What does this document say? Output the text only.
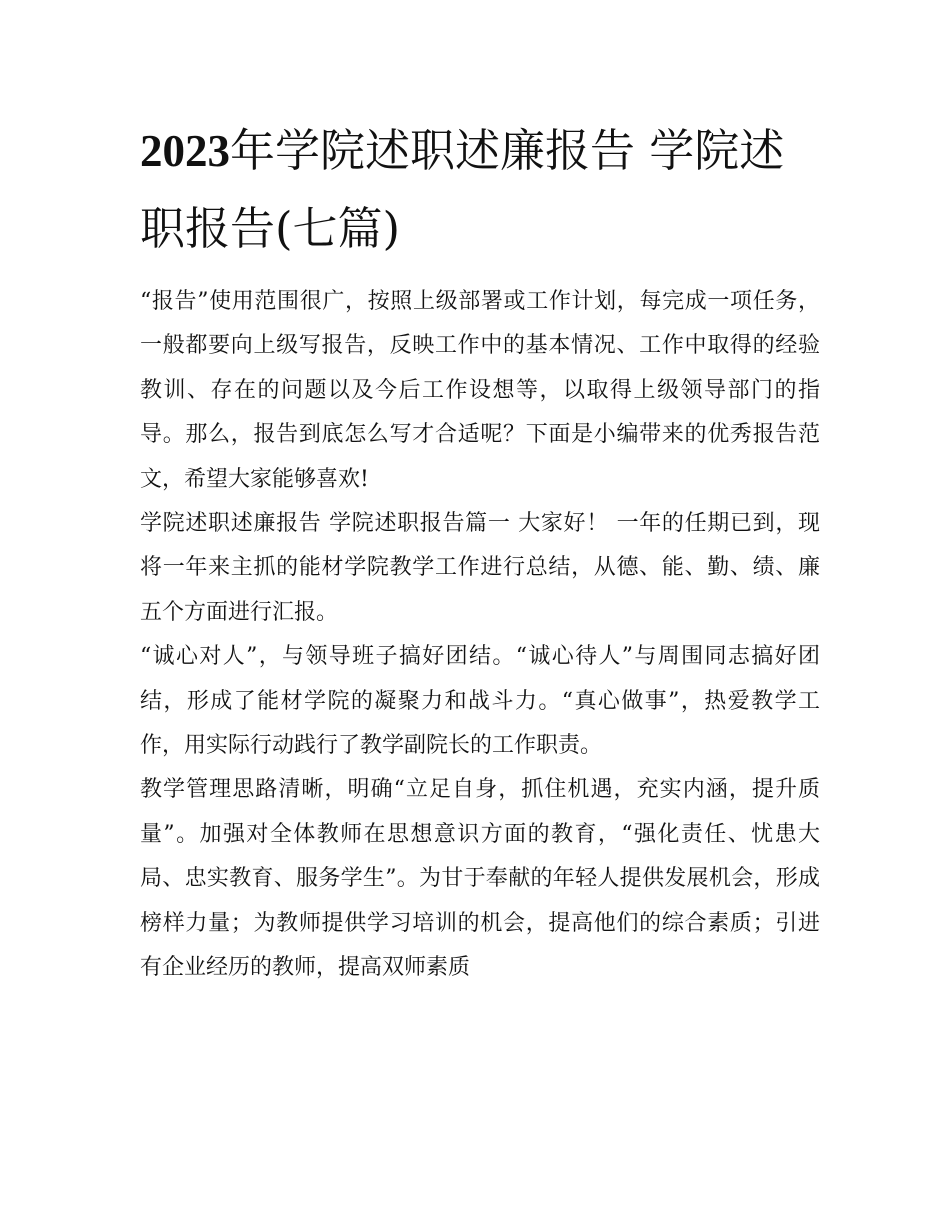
2023年学院述职述廉报告 学院述职报告(七篇)

“报告”使用范围很广，按照上级部署或工作计划，每完成一项任务，一般都要向上级写报告，反映工作中的基本情况、工作中取得的经验教训、存在的问题以及今后工作设想等，以取得上级领导部门的指导。那么，报告到底怎么写才合适呢？下面是小编带来的优秀报告范文，希望大家能够喜欢!

学院述职述廉报告 学院述职报告篇一 大家好！ 一年的任期已到，现将一年来主抓的能材学院教学工作进行总结，从德、能、勤、绩、廉五个方面进行汇报。

“诚心对人”，与领导班子搞好团结。“诚心待人”与周围同志搞好团结，形成了能材学院的凝聚力和战斗力。“真心做事”，热爱教学工作，用实际行动践行了教学副院长的工作职责。

教学管理思路清晰，明确“立足自身，抓住机遇，充实内涵，提升质量”。加强对全体教师在思想意识方面的教育，“强化责任、忧患大局、忠实教育、服务学生”。为甘于奉献的年轻人提供发展机会，形成榜样力量；为教师提供学习培训的机会，提高他们的综合素质；引进有企业经历的教师，提高双师素质
